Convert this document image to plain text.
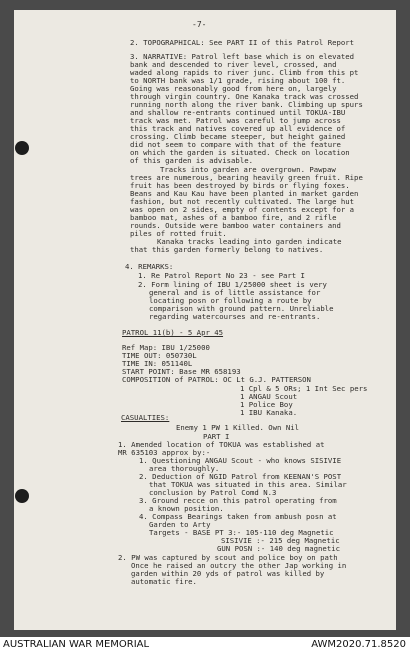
-7-
2. TOPOGRAPHICAL: See PART II of this Patrol Report
3. NARRATIVE: Patrol left base which is on elevated
bank and descended to river level, crossed, and
waded along rapids to river junc. Climb from this pt
to NORTH bank was 1/1 grade, rising about 100 ft.
Going was reasonably good from here on, largely
through virgin country. One Kanaka track was crossed
running north along the river bank. Climbing up spurs
and shallow re-entrants continued until TOKUA-IBU
track was met. Patrol was careful to jump across
this track and natives covered up all evidence of
crossing. Climb became steeper, but height gained
did not seem to compare with that of the feature
on which the garden is situated. Check on location
of this garden is advisable.
Tracks into garden are overgrown. Pawpaw
trees are numerous, bearing heavily green fruit. Ripe
fruit has been destroyed by birds or flying foxes.
Beans and Kau Kau have been planted in market garden
fashion, but not recently cultivated. The large hut
was open on 2 sides, empty of contents except for a
bamboo mat, ashes of a bamboo fire, and 2 rifle
rounds. Outside were bamboo water containers and
piles of rotted fruit.
Kanaka tracks leading into garden indicate
that this garden formerly belong to natives.
4. REMARKS:
1. Re Patrol Report No 23 - see Part I
2. Form lining of IBU 1/25000 sheet is very
general and is of little assistance for
locating posn or following a route by
comparison with ground pattern. Unreliable
regarding watercourses and re-entrants.
PATROL 11(b) - 5 Apr 45
Ref Map: IBU 1/25000
TIME OUT: 050730L
TIME IN: 051140L
START POINT: Base MR 658193
COMPOSITION of PATROL: OC Lt G.J. PATTERSON
1 Cpl & 5 ORs; 1 Int Sec pers
1 ANGAU Scout
1 Police Boy
1 IBU Kanaka.
CASUALTIES:
Enemy 1 PW 1 Killed. Own Nil
PART I
1. Amended location of TOKUA was established at
MR 635103 approx by:-
1. Questioning ANGAU Scout - who knows SISIVIE
area thoroughly.
2. Deduction of NGID Patrol from KEENAN'S POST
that TOKUA was situated in this area. Similar
conclusion by Patrol Comd N.3
3. Ground recce on this patrol operating from
a known position.
4. Compass Bearings taken from ambush posn at
Garden to Arty
Targets - BASE PT 3:- 105-110 deg Magnetic
SISIVIE :- 215 deg Magnetic
GUN POSN :- 140 deg magnetic
2. PW was captured by scout and police boy on path
Once he raised an outcry the other Jap working in
garden within 20 yds of patrol was killed by
automatic fire.
AUSTRALIAN WAR MEMORIAL	AWM2020.71.8520
